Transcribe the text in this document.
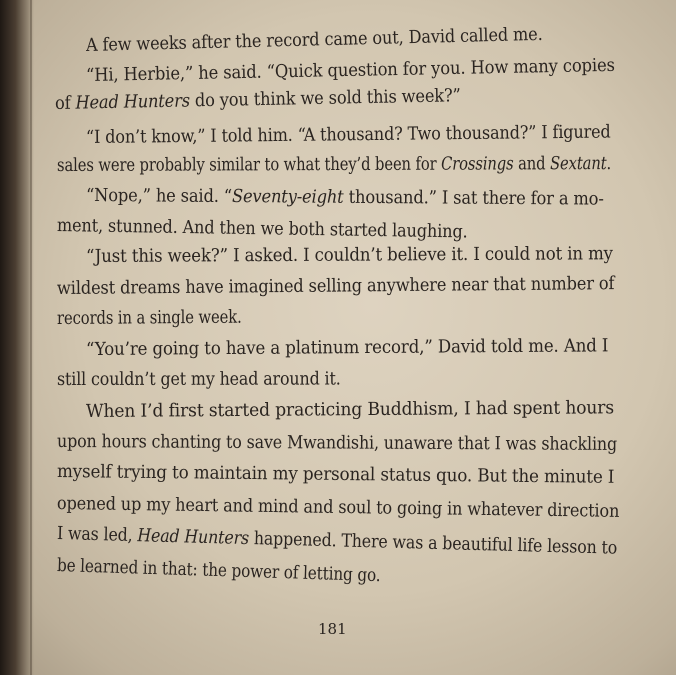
A few weeks after the record came out, David called me.
“Hi, Herbie,” he said. “Quick question for you. How many copies
of Head Hunters do you think we sold this week?”
“I don’t know,” I told him. “A thousand? Two thousand?” I figured
sales were probably similar to what they’d been for Crossings and Sextant.
“Nope,” he said. “Seventy-eight thousand.” I sat there for a mo-
ment, stunned. And then we both started laughing.
“Just this week?” I asked. I couldn’t believe it. I could not in my
wildest dreams have imagined selling anywhere near that number of
records in a single week.
“You’re going to have a platinum record,” David told me. And I
still couldn’t get my head around it.
When I’d first started practicing Buddhism, I had spent hours
upon hours chanting to save Mwandishi, unaware that I was shackling
myself trying to maintain my personal status quo. But the minute I
opened up my heart and mind and soul to going in whatever direction
I was led, Head Hunters happened. There was a beautiful life lesson to
be learned in that: the power of letting go.
181
